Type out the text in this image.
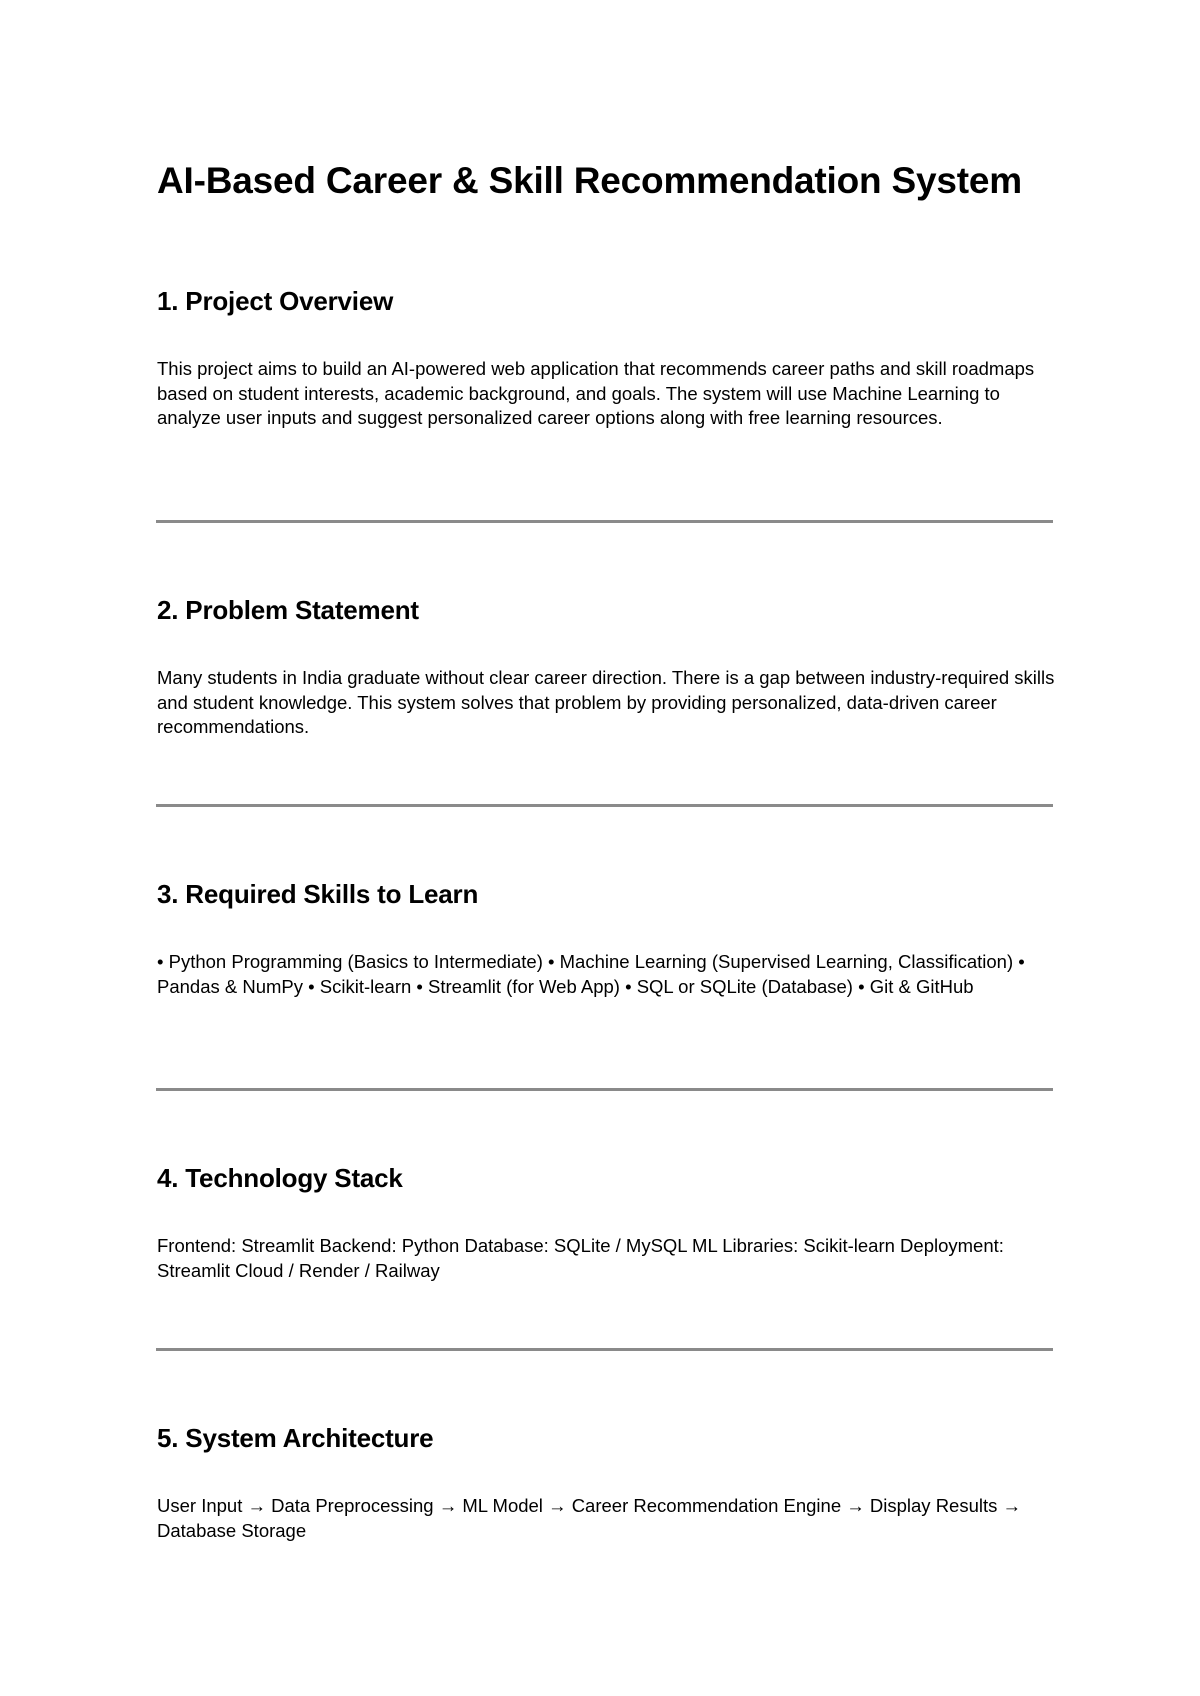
AI-Based Career & Skill Recommendation System
1. Project Overview

This project aims to build an AI-powered web application that recommends career paths and skill roadmaps based on student interests, academic background, and goals. The system will use Machine Learning to analyze user inputs and suggest personalized career options along with free learning resources.

2. Problem Statement

Many students in India graduate without clear career direction. There is a gap between industry-required skills and student knowledge. This system solves that problem by providing personalized, data-driven career recommendations.

3. Required Skills to Learn

• Python Programming (Basics to Intermediate) • Machine Learning (Supervised Learning, Classification) • Pandas & NumPy • Scikit-learn • Streamlit (for Web App) • SQL or SQLite (Database) • Git & GitHub

4. Technology Stack

Frontend: Streamlit Backend: Python Database: SQLite / MySQL ML Libraries: Scikit-learn Deployment: Streamlit Cloud / Render / Railway

5. System Architecture

User Input → Data Preprocessing → ML Model → Career Recommendation Engine → Display Results → Database Storage
